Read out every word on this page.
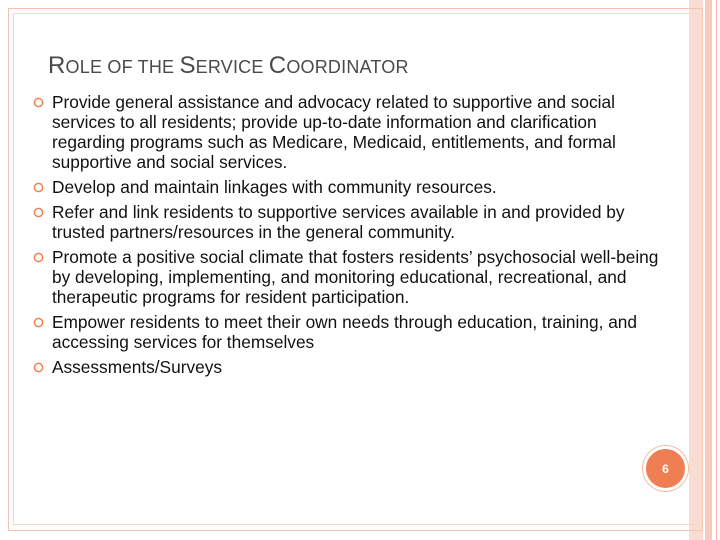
ROLE OF THE SERVICE COORDINATOR
Provide general assistance and advocacy related to supportive and social services to all residents; provide up-to-date information and clarification regarding programs such as Medicare, Medicaid, entitlements, and formal supportive and social services.
Develop and maintain linkages with community resources.
Refer and link residents to supportive services available in and provided by trusted partners/resources in the general community.
Promote a positive social climate that fosters residents’ psychosocial well-being by developing, implementing, and monitoring educational, recreational, and therapeutic programs for resident participation.
Empower residents to meet their own needs through education, training, and accessing services for themselves
Assessments/Surveys
6
